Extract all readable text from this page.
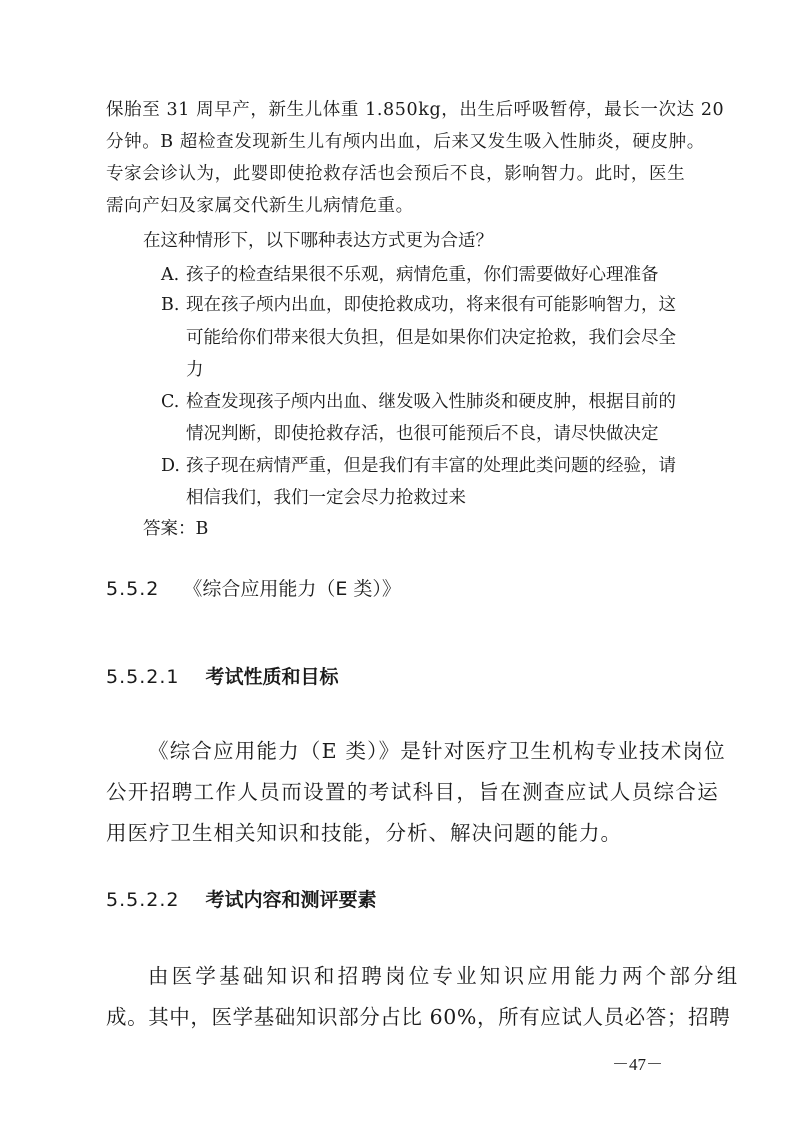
保胎至 31 周早产，新生儿体重 1.850kg，出生后呼吸暂停，最长一次达 20
分钟。B 超检查发现新生儿有颅内出血，后来又发生吸入性肺炎，硬皮肿。
专家会诊认为，此婴即使抢救存活也会预后不良，影响智力。此时，医生
需向产妇及家属交代新生儿病情危重。
在这种情形下，以下哪种表达方式更为合适？
A. 孩子的检查结果很不乐观，病情危重，你们需要做好心理准备
B. 现在孩子颅内出血，即使抢救成功，将来很有可能影响智力，这
可能给你们带来很大负担，但是如果你们决定抢救，我们会尽全
力
C. 检查发现孩子颅内出血、继发吸入性肺炎和硬皮肿，根据目前的
情况判断，即使抢救存活，也很可能预后不良，请尽快做决定
D. 孩子现在病情严重，但是我们有丰富的处理此类问题的经验，请
相信我们，我们一定会尽力抢救过来
答案：B
5.5.2 《综合应用能力（E 类）》
5.5.2.1 考试性质和目标
《综合应用能力（E 类）》是针对医疗卫生机构专业技术岗位
公开招聘工作人员而设置的考试科目，旨在测查应试人员综合运
用医疗卫生相关知识和技能，分析、解决问题的能力。
5.5.2.2 考试内容和测评要素
由医学基础知识和招聘岗位专业知识应用能力两个部分组
成。其中，医学基础知识部分占比 60%，所有应试人员必答；招聘
－47－
